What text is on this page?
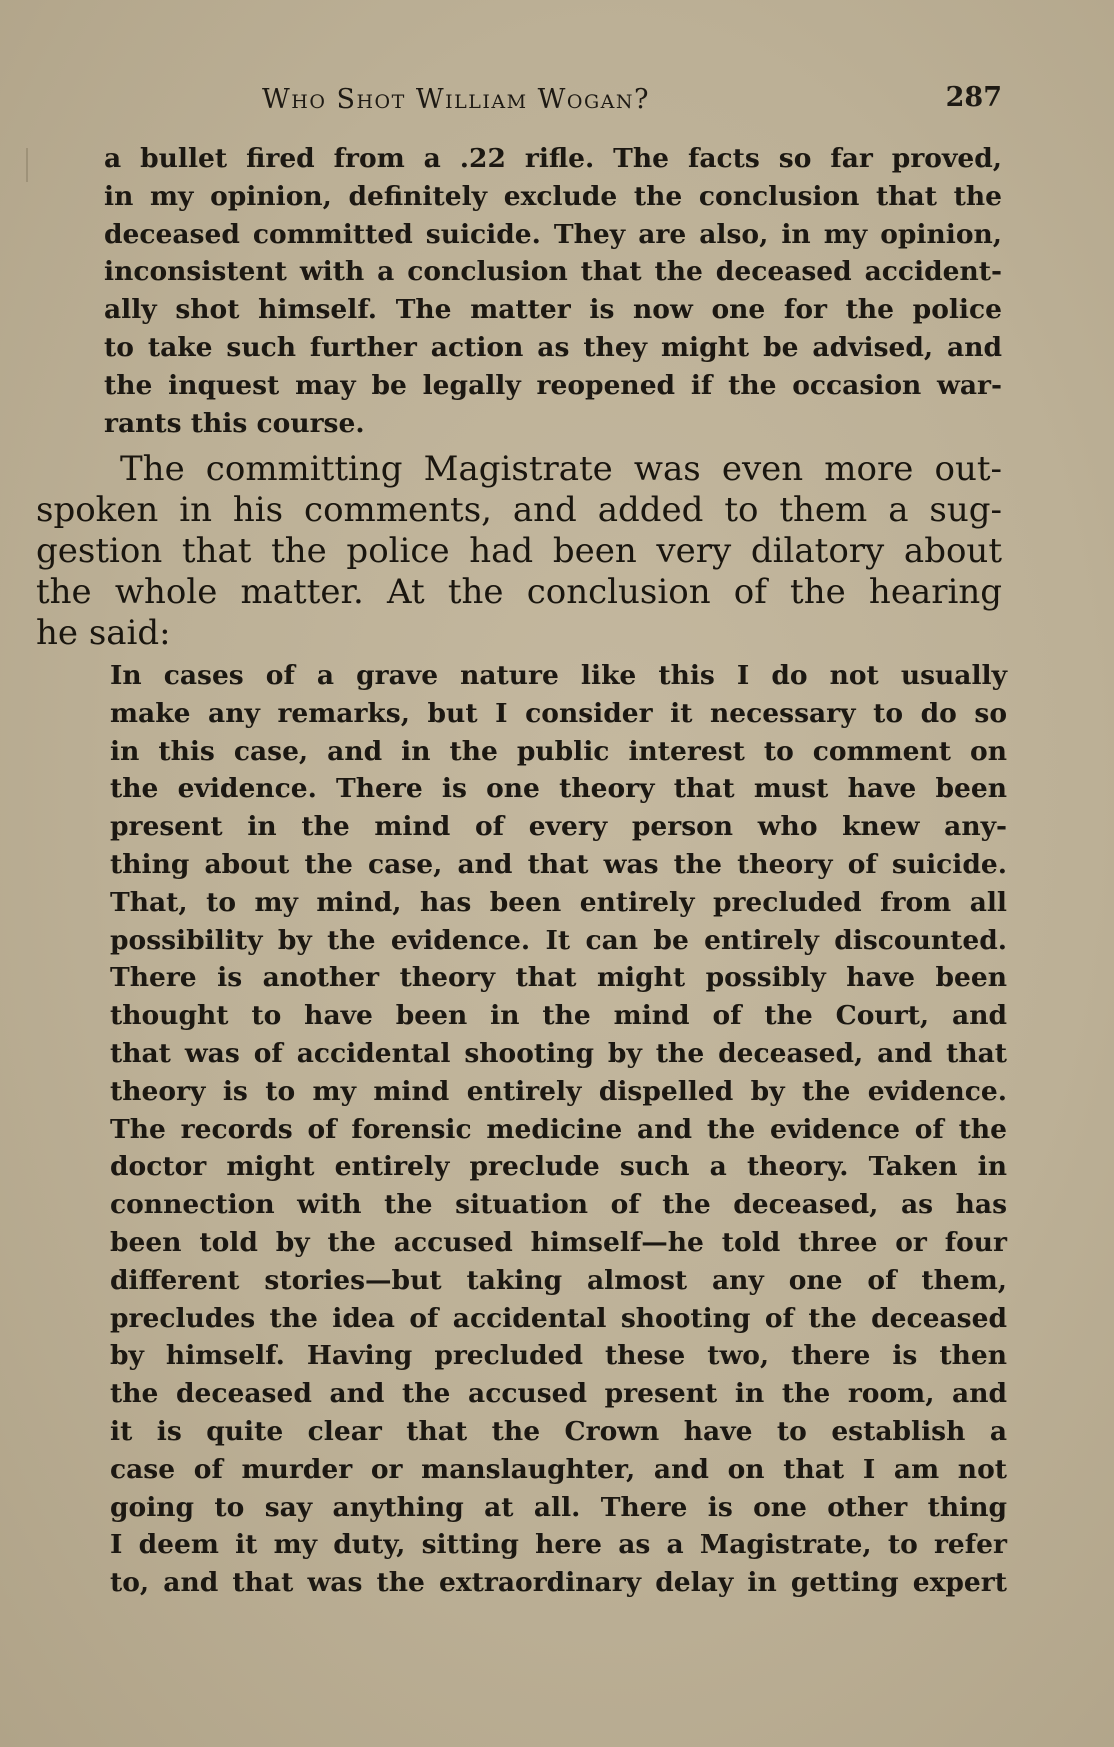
Who Shot William Wogan?	287
a bullet fired from a .22 rifle. The facts so far proved,
in my opinion, definitely exclude the conclusion that the
deceased committed suicide. They are also, in my opinion,
inconsistent with a conclusion that the deceased accident-
ally shot himself. The matter is now one for the police
to take such further action as they might be advised, and
the inquest may be legally reopened if the occasion war-
rants this course.
The committing Magistrate was even more out-
spoken in his comments, and added to them a sug-
gestion that the police had been very dilatory about
the whole matter. At the conclusion of the hearing
he said:
In cases of a grave nature like this I do not usually
make any remarks, but I consider it necessary to do so
in this case, and in the public interest to comment on
the evidence. There is one theory that must have been
present in the mind of every person who knew any-
thing about the case, and that was the theory of suicide.
That, to my mind, has been entirely precluded from all
possibility by the evidence. It can be entirely discounted.
There is another theory that might possibly have been
thought to have been in the mind of the Court, and
that was of accidental shooting by the deceased, and that
theory is to my mind entirely dispelled by the evidence.
The records of forensic medicine and the evidence of the
doctor might entirely preclude such a theory. Taken in
connection with the situation of the deceased, as has
been told by the accused himself—he told three or four
different stories—but taking almost any one of them,
precludes the idea of accidental shooting of the deceased
by himself. Having precluded these two, there is then
the deceased and the accused present in the room, and
it is quite clear that the Crown have to establish a
case of murder or manslaughter, and on that I am not
going to say anything at all. There is one other thing
I deem it my duty, sitting here as a Magistrate, to refer
to, and that was the extraordinary delay in getting expert
